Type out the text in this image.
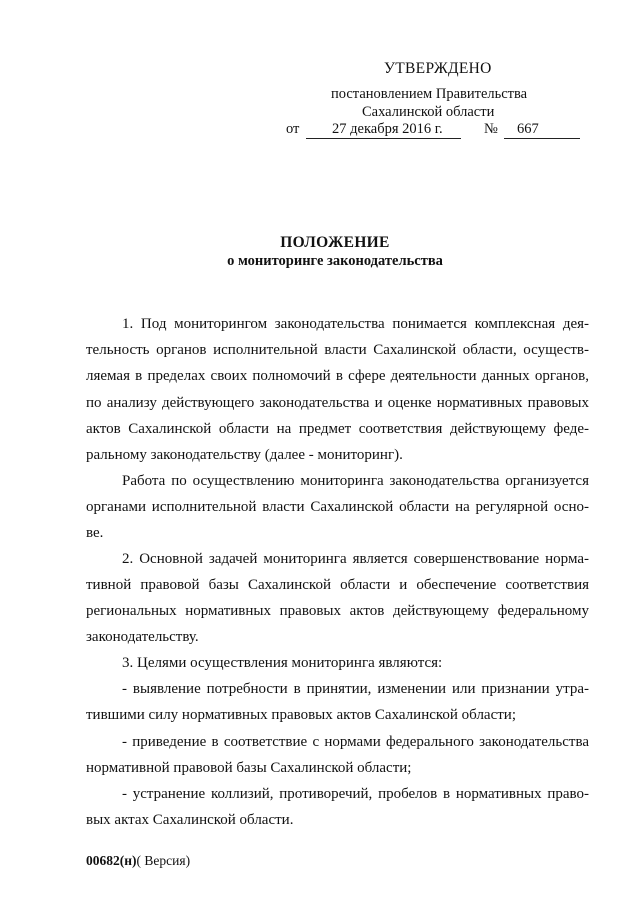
УТВЕРЖДЕНО
постановлением Правительства
Сахалинской области
от 27 декабря 2016 г.	№ 667
ПОЛОЖЕНИЕ
о мониторинге законодательства
1. Под мониторингом законодательства понимается комплексная дея-
тельность органов исполнительной власти Сахалинской области, осуществ-
ляемая в пределах своих полномочий в сфере деятельности данных органов,
по анализу действующего законодательства и оценке нормативных правовых
актов Сахалинской области на предмет соответствия действующему феде-
ральному законодательству (далее - мониторинг).
Работа по осуществлению мониторинга законодательства организуется
органами исполнительной власти Сахалинской области на регулярной осно-
ве.
2. Основной задачей мониторинга является совершенствование норма-
тивной правовой базы Сахалинской области и обеспечение соответствия
региональных нормативных правовых актов действующему федеральному
законодательству.
3. Целями осуществления мониторинга являются:
- выявление потребности в принятии, изменении или признании утра-
тившими силу нормативных правовых актов Сахалинской области;
- приведение в соответствие с нормами федерального законодательства
нормативной правовой базы Сахалинской области;
- устранение коллизий, противоречий, пробелов в нормативных право-
вых актах Сахалинской области.
00682(н)( Версия)
